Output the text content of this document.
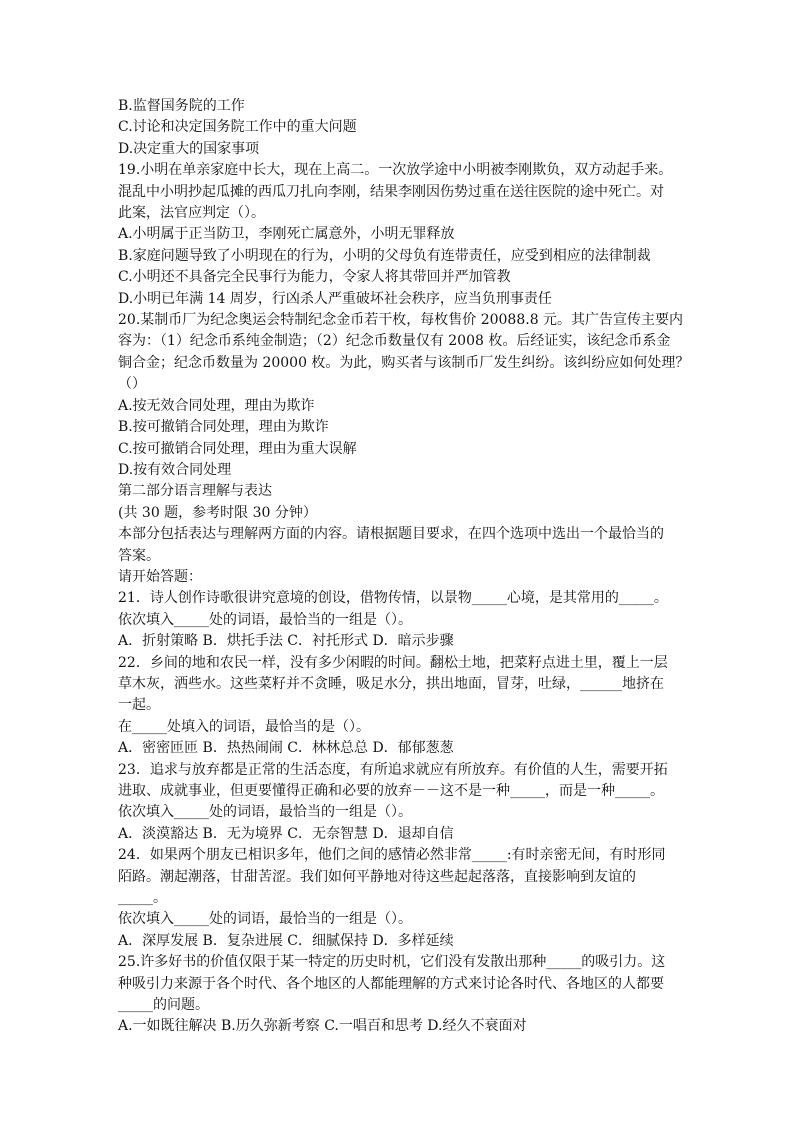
B.监督国务院的工作
C.讨论和决定国务院工作中的重大问题
D.决定重大的国家事项
19.小明在单亲家庭中长大，现在上高二。一次放学途中小明被李刚欺负，双方动起手来。
混乱中小明抄起瓜摊的西瓜刀扎向李刚，结果李刚因伤势过重在送往医院的途中死亡。对
此案，法官应判定（）。
A.小明属于正当防卫，李刚死亡属意外，小明无罪释放
B.家庭问题导致了小明现在的行为，小明的父母负有连带责任，应受到相应的法律制裁
C.小明还不具备完全民事行为能力，令家人将其带回并严加管教
D.小明已年满 14 周岁，行凶杀人严重破坏社会秩序，应当负刑事责任
20.某制币厂为纪念奥运会特制纪念金币若干枚，每枚售价 20088.8 元。其广告宣传主要内
容为：（1）纪念币系纯金制造；（2）纪念币数量仅有 2008 枚。后经证实，该纪念币系金
铜合金；纪念币数量为 20000 枚。为此，购买者与该制币厂发生纠纷。该纠纷应如何处理？
（）
A.按无效合同处理，理由为欺诈
B.按可撤销合同处理，理由为欺诈
C.按可撤销合同处理，理由为重大误解
D.按有效合同处理
第二部分语言理解与表达
(共 30 题，参考时限 30 分钟）
本部分包括表达与理解两方面的内容。请根据题目要求，在四个选项中选出一个最恰当的
答案。
请开始答题：
21．诗人创作诗歌很讲究意境的创设，借物传情，以景物_____心境，是其常用的_____。
依次填入_____处的词语，最恰当的一组是（）。
A．折射策略 B．烘托手法 C．衬托形式 D．暗示步骤
22．乡间的地和农民一样，没有多少闲暇的时间。翻松土地，把菜籽点进土里，覆上一层
草木灰，洒些水。这些菜籽并不贪睡，吸足水分，拱出地面，冒芽，吐绿，______地挤在
一起。
在_____处填入的词语，最恰当的是（）。
A．密密匝匝 B．热热闹闹 C．林林总总 D．郁郁葱葱
23．追求与放弃都是正常的生活态度，有所追求就应有所放弃。有价值的人生，需要开拓
进取、成就事业，但更要懂得正确和必要的放弃－－这不是一种_____，而是一种_____。
依次填入_____处的词语，最恰当的一组是（）。
A．淡漠豁达 B．无为境界 C．无奈智慧 D．退却自信
24．如果两个朋友已相识多年，他们之间的感情必然非常_____:有时亲密无间，有时形同
陌路。潮起潮落，甘甜苦涩。我们如何平静地对待这些起起落落，直接影响到友谊的
_____。
依次填入_____处的词语，最恰当的一组是（）。
A．深厚发展 B．复杂进展 C．细腻保持 D．多样延续
25.许多好书的价值仅限于某一特定的历史时机，它们没有发散出那种_____的吸引力。这
种吸引力来源于各个时代、各个地区的人都能理解的方式来讨论各时代、各地区的人都要
_____的问题。
A.一如既往解决 B.历久弥新考察 C.一唱百和思考 D.经久不衰面对
